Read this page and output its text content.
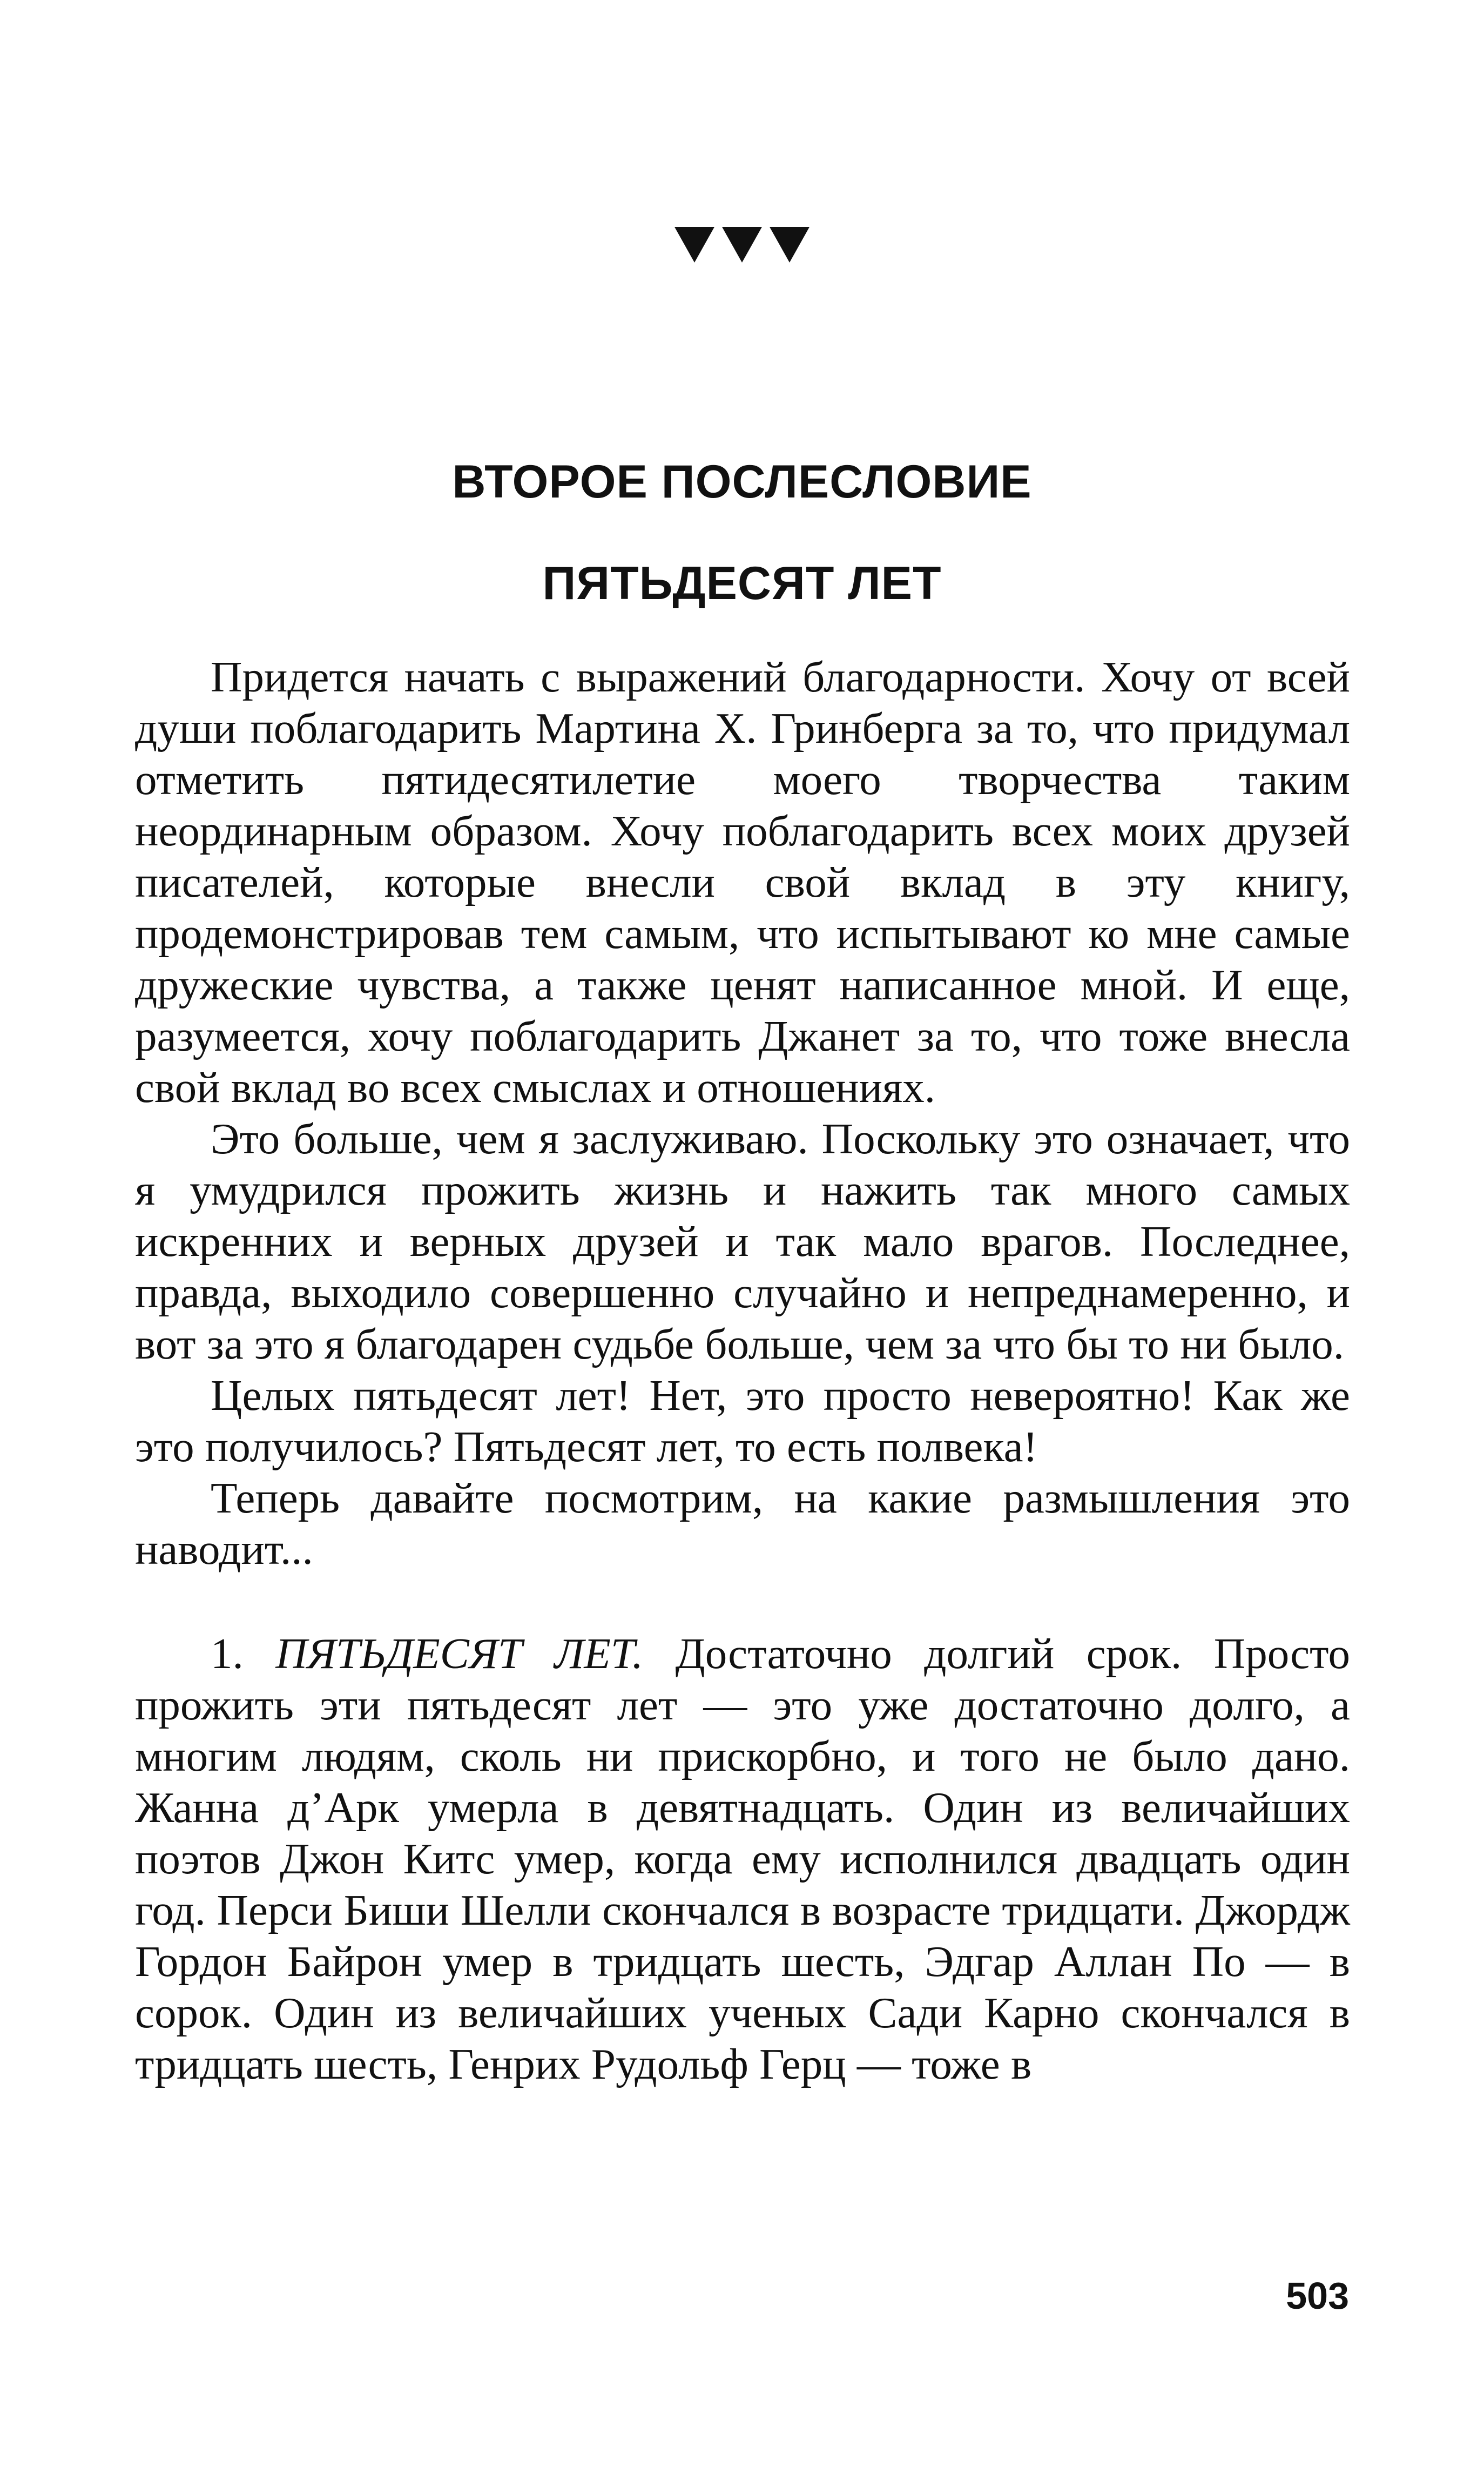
ВТОРОЕ ПОСЛЕСЛОВИЕ
ПЯТЬДЕСЯТ ЛЕТ

Придется начать с выражений благодарности. Хочу от всей души поблагодарить Мартина Х. Гринберга за то, что придумал отметить пятидесятилетие моего творчества таким неординарным образом. Хочу поблагодарить всех моих друзей писателей, которые внесли свой вклад в эту книгу, продемонстрировав тем самым, что испытывают ко мне самые дружеские чувства, а также ценят написанное мной. И еще, разумеется, хочу поблагодарить Джанет за то, что тоже внесла свой вклад во всех смыслах и отношениях.

Это больше, чем я заслуживаю. Поскольку это означает, что я умудрился прожить жизнь и нажить так много самых искренних и верных друзей и так мало врагов. Последнее, правда, выходило совершенно случайно и непреднамеренно, и вот за это я благодарен судьбе больше, чем за что бы то ни было.

Целых пятьдесят лет! Нет, это просто невероятно! Как же это получилось? Пятьдесят лет, то есть полвека!

Теперь давайте посмотрим, на какие размышления это наводит...

1. ПЯТЬДЕСЯТ ЛЕТ. Достаточно долгий срок. Просто прожить эти пятьдесят лет — это уже достаточно долго, а многим людям, сколь ни прискорбно, и того не было дано. Жанна д’Арк умерла в девятнадцать. Один из величайших поэтов Джон Китс умер, когда ему исполнился двадцать один год. Перси Биши Шелли скончался в возрасте тридцати. Джордж Гордон Байрон умер в тридцать шесть, Эдгар Аллан По — в сорок. Один из величайших ученых Сади Карно скончался в тридцать шесть, Генрих Рудольф Герц — тоже в

503
